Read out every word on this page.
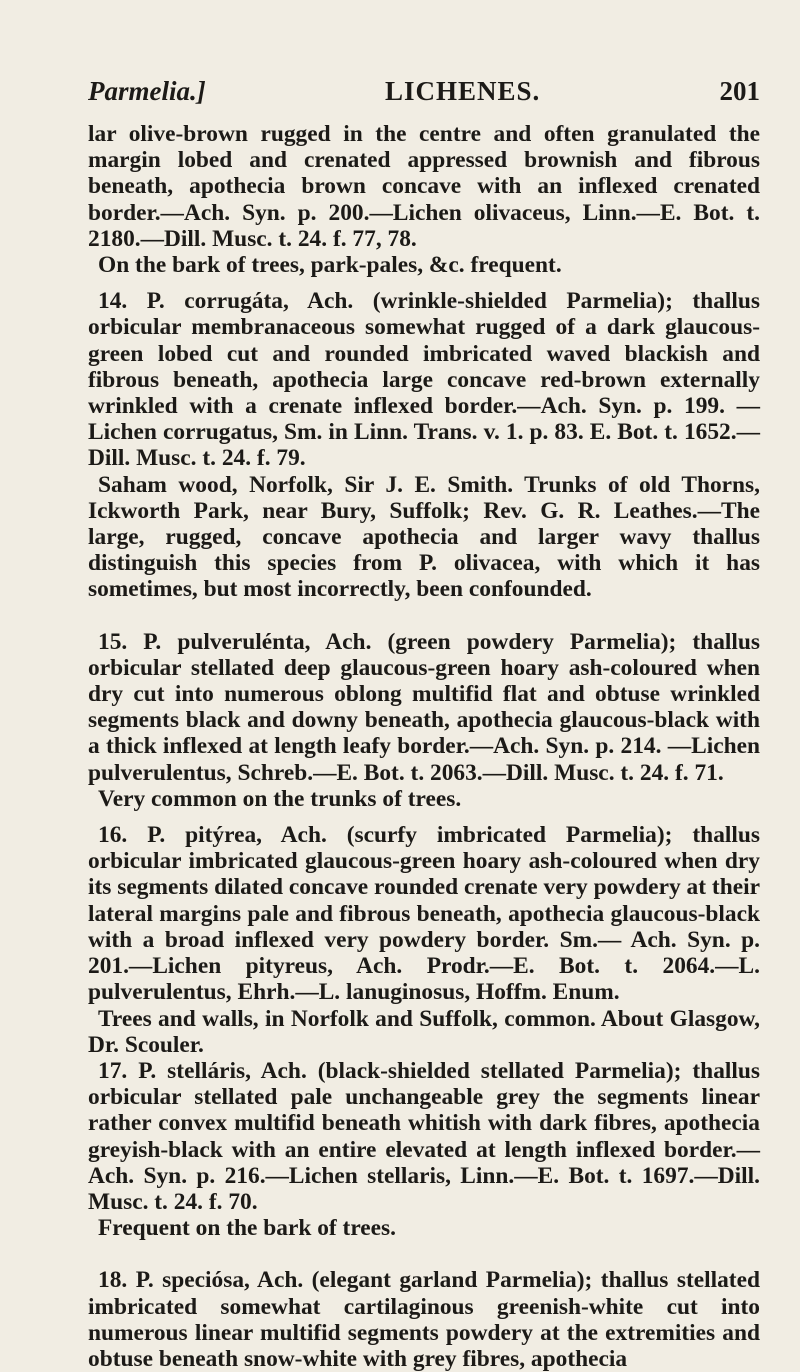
Parmelia.]	LICHENES.	201

lar olive-brown rugged in the centre and often granulated the margin lobed and crenated appressed brownish and fibrous beneath, apothecia brown concave with an inflexed crenated border.—Ach. Syn. p. 200.—Lichen olivaceus, Linn.—E. Bot. t. 2180.—Dill. Musc. t. 24. f. 77, 78.

On the bark of trees, park-pales, &c. frequent.

14. P. corrugáta, Ach. (wrinkle-shielded Parmelia); thallus orbicular membranaceous somewhat rugged of a dark glaucous-green lobed cut and rounded imbricated waved blackish and fibrous beneath, apothecia large concave red-brown externally wrinkled with a crenate inflexed border.—Ach. Syn. p. 199. —Lichen corrugatus, Sm. in Linn. Trans. v. 1. p. 83. E. Bot. t. 1652.—Dill. Musc. t. 24. f. 79.

Saham wood, Norfolk, Sir J. E. Smith. Trunks of old Thorns, Ickworth Park, near Bury, Suffolk; Rev. G. R. Leathes.—The large, rugged, concave apothecia and larger wavy thallus distinguish this species from P. olivacea, with which it has sometimes, but most incorrectly, been confounded.

15. P. pulverulénta, Ach. (green powdery Parmelia); thallus orbicular stellated deep glaucous-green hoary ash-coloured when dry cut into numerous oblong multifid flat and obtuse wrinkled segments black and downy beneath, apothecia glaucous-black with a thick inflexed at length leafy border.—Ach. Syn. p. 214. —Lichen pulverulentus, Schreb.—E. Bot. t. 2063.—Dill. Musc. t. 24. f. 71.

Very common on the trunks of trees.

16. P. pitýrea, Ach. (scurfy imbricated Parmelia); thallus orbicular imbricated glaucous-green hoary ash-coloured when dry its segments dilated concave rounded crenate very powdery at their lateral margins pale and fibrous beneath, apothecia glaucous-black with a broad inflexed very powdery border. Sm.— Ach. Syn. p. 201.—Lichen pityreus, Ach. Prodr.—E. Bot. t. 2064.—L. pulverulentus, Ehrh.—L. lanuginosus, Hoffm. Enum.

Trees and walls, in Norfolk and Suffolk, common. About Glasgow, Dr. Scouler.

17. P. stelláris, Ach. (black-shielded stellated Parmelia); thallus orbicular stellated pale unchangeable grey the segments linear rather convex multifid beneath whitish with dark fibres, apothecia greyish-black with an entire elevated at length inflexed border.—Ach. Syn. p. 216.—Lichen stellaris, Linn.—E. Bot. t. 1697.—Dill. Musc. t. 24. f. 70.

Frequent on the bark of trees.

18. P. speciósa, Ach. (elegant garland Parmelia); thallus stellated imbricated somewhat cartilaginous greenish-white cut into numerous linear multifid segments powdery at the extremities and obtuse beneath snow-white with grey fibres, apothecia
